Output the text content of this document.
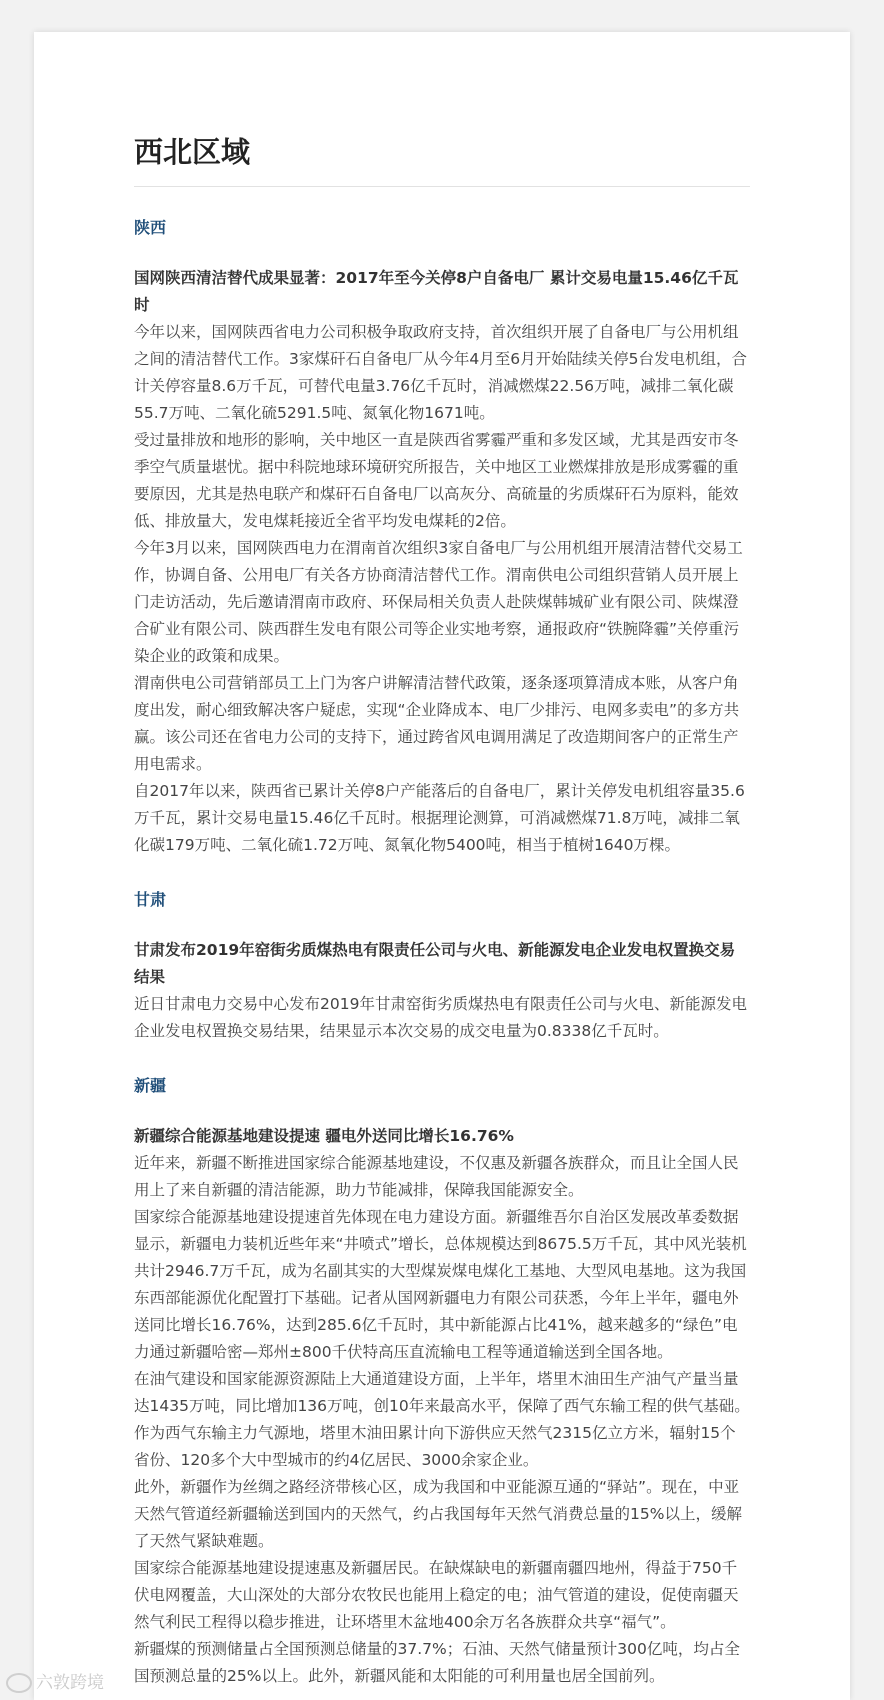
西北区域
陕西
国网陕西清洁替代成果显著：2017年至今关停8户自备电厂 累计交易电量15.46亿千瓦时

今年以来，国网陕西省电力公司积极争取政府支持，首次组织开展了自备电厂与公用机组之间的清洁替代工作。3家煤矸石自备电厂从今年4月至6月开始陆续关停5台发电机组，合计关停容量8.6万千瓦，可替代电量3.76亿千瓦时，消减燃煤22.56万吨，减排二氧化碳55.7万吨、二氧化硫5291.5吨、氮氧化物1671吨。

受过量排放和地形的影响，关中地区一直是陕西省雾霾严重和多发区域，尤其是西安市冬季空气质量堪忧。据中科院地球环境研究所报告，关中地区工业燃煤排放是形成雾霾的重要原因，尤其是热电联产和煤矸石自备电厂以高灰分、高硫量的劣质煤矸石为原料，能效低、排放量大，发电煤耗接近全省平均发电煤耗的2倍。

今年3月以来，国网陕西电力在渭南首次组织3家自备电厂与公用机组开展清洁替代交易工作，协调自备、公用电厂有关各方协商清洁替代工作。渭南供电公司组织营销人员开展上门走访活动，先后邀请渭南市政府、环保局相关负责人赴陕煤韩城矿业有限公司、陕煤澄合矿业有限公司、陕西群生发电有限公司等企业实地考察，通报政府“铁腕降霾”关停重污染企业的政策和成果。

渭南供电公司营销部员工上门为客户讲解清洁替代政策，逐条逐项算清成本账，从客户角度出发，耐心细致解决客户疑虑，实现“企业降成本、电厂少排污、电网多卖电”的多方共赢。该公司还在省电力公司的支持下，通过跨省风电调用满足了改造期间客户的正常生产用电需求。

自2017年以来，陕西省已累计关停8户产能落后的自备电厂，累计关停发电机组容量35.6万千瓦，累计交易电量15.46亿千瓦时。根据理论测算，可消减燃煤71.8万吨，减排二氧化碳179万吨、二氧化硫1.72万吨、氮氧化物5400吨，相当于植树1640万棵。

甘肃
甘肃发布2019年窑街劣质煤热电有限责任公司与火电、新能源发电企业发电权置换交易结果

近日甘肃电力交易中心发布2019年甘肃窑街劣质煤热电有限责任公司与火电、新能源发电企业发电权置换交易结果，结果显示本次交易的成交电量为0.8338亿千瓦时。

新疆
新疆综合能源基地建设提速 疆电外送同比增长16.76%

近年来，新疆不断推进国家综合能源基地建设，不仅惠及新疆各族群众，而且让全国人民用上了来自新疆的清洁能源，助力节能减排，保障我国能源安全。

国家综合能源基地建设提速首先体现在电力建设方面。新疆维吾尔自治区发展改革委数据显示，新疆电力装机近些年来“井喷式”增长，总体规模达到8675.5万千瓦，其中风光装机共计2946.7万千瓦，成为名副其实的大型煤炭煤电煤化工基地、大型风电基地。这为我国东西部能源优化配置打下基础。记者从国网新疆电力有限公司获悉，今年上半年，疆电外送同比增长16.76%，达到285.6亿千瓦时，其中新能源占比41%，越来越多的“绿色”电力通过新疆哈密—郑州±800千伏特高压直流输电工程等通道输送到全国各地。

在油气建设和国家能源资源陆上大通道建设方面，上半年，塔里木油田生产油气产量当量达1435万吨，同比增加136万吨，创10年来最高水平，保障了西气东输工程的供气基础。作为西气东输主力气源地，塔里木油田累计向下游供应天然气2315亿立方米，辐射15个省份、120多个大中型城市的约4亿居民、3000余家企业。

此外，新疆作为丝绸之路经济带核心区，成为我国和中亚能源互通的“驿站”。现在，中亚天然气管道经新疆输送到国内的天然气，约占我国每年天然气消费总量的15%以上，缓解了天然气紧缺难题。

国家综合能源基地建设提速惠及新疆居民。在缺煤缺电的新疆南疆四地州，得益于750千伏电网覆盖，大山深处的大部分农牧民也能用上稳定的电；油气管道的建设，促使南疆天然气利民工程得以稳步推进，让环塔里木盆地400余万名各族群众共享“福气”。

新疆煤的预测储量占全国预测总储量的37.7%；石油、天然气储量预计300亿吨，均占全国预测总量的25%以上。此外，新疆风能和太阳能的可利用量也居全国前列。

六敦跨境
